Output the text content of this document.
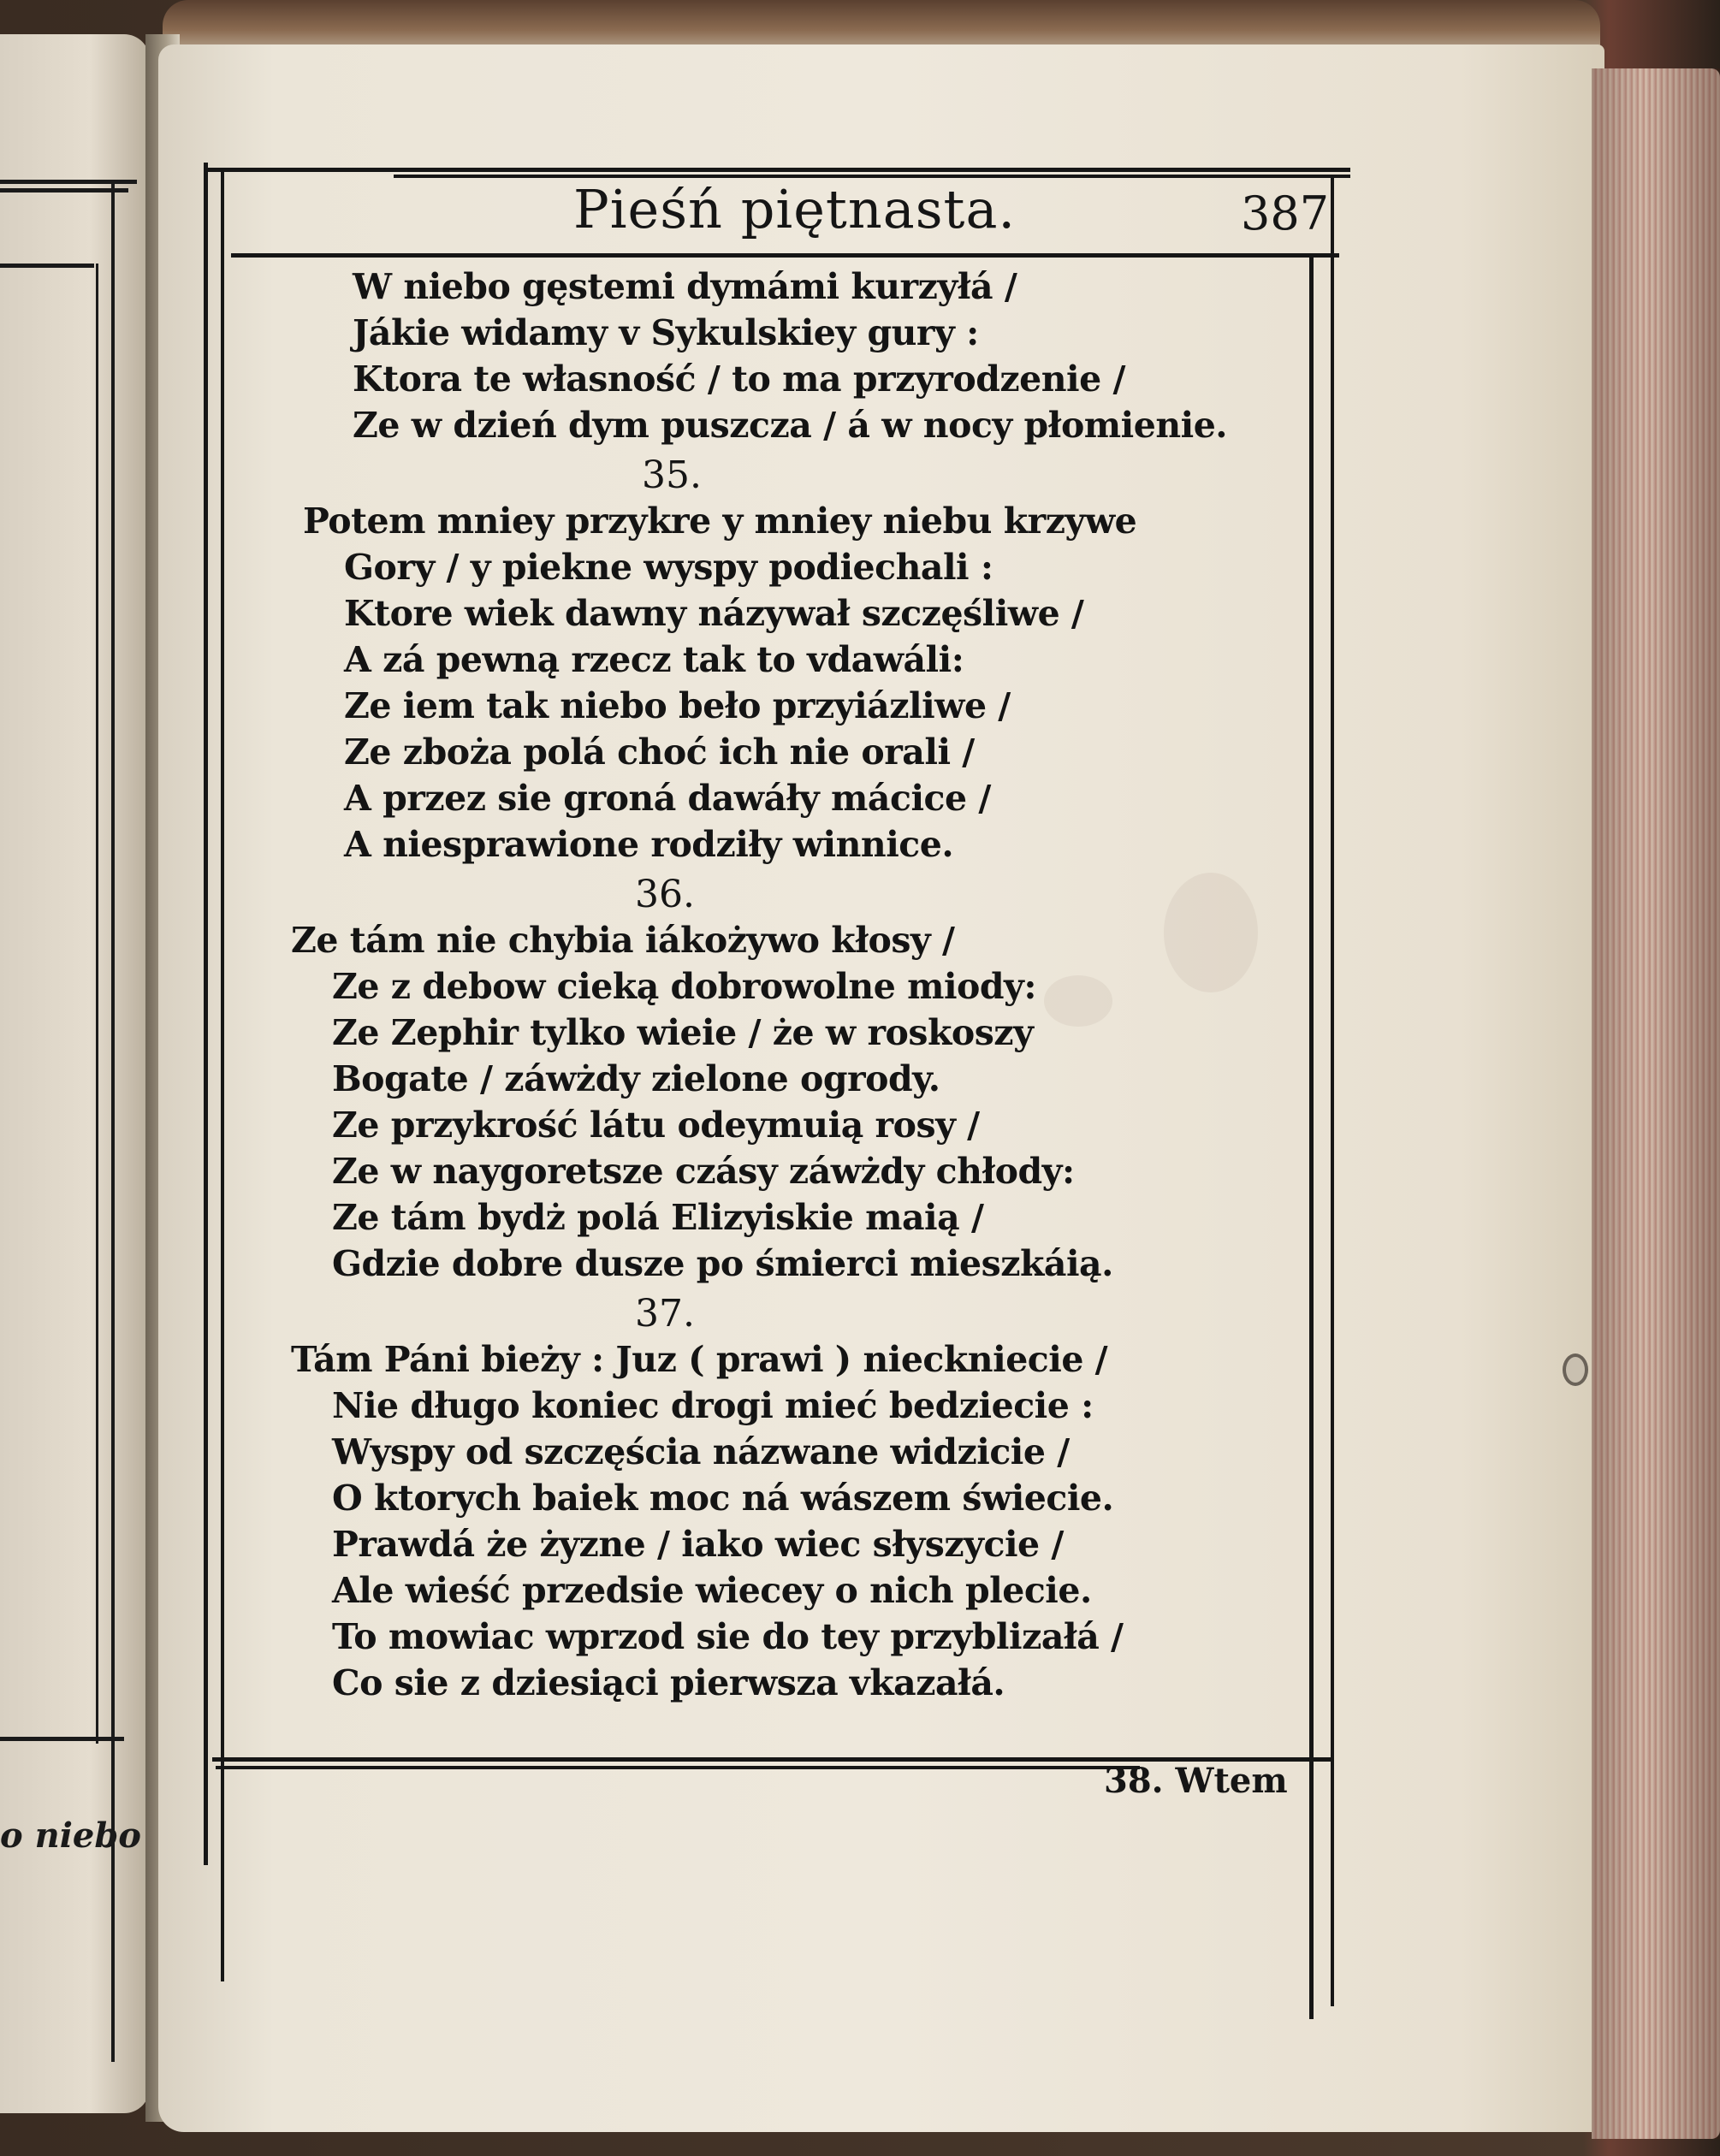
o niebo
Pieśń piętnasta.	387
W niebo gęstemi dymámi kurzyłá /
Jákie widamy v Sykulskiey gury :
Ktora te własność / to ma przyrodzenie /
Ze w dzień dym puszcza / á w nocy płomienie.
35.
Potem mniey przykre y mniey niebu krzywe
Gory / y piekne wyspy podiechali :
Ktore wiek dawny názywał szczęśliwe /
A zá pewną rzecz tak to vdawáli:
Ze iem tak niebo beło przyiázliwe /
Ze zboża polá choć ich nie orali /
A przez sie groná dawáły mácice /
A niesprawione rodziły winnice.
36.
Ze tám nie chybia iákożywo kłosy /
Ze z debow cieką dobrowolne miody:
Ze Zephir tylko wieie / że w roskoszy
Bogate / záwżdy zielone ogrody.
Ze przykrość látu odeymuią rosy /
Ze w naygoretsze czásy záwżdy chłody:
Ze tám bydż polá Elizyiskie maią /
Gdzie dobre dusze po śmierci mieszkáią.
37.
Tám Páni bieży : Juz ( prawi ) nieckniecie /
Nie długo koniec drogi mieć bedziecie :
Wyspy od szczęścia názwane widzicie /
O ktorych baiek moc ná wászem świecie.
Prawdá że żyzne / iako wiec słyszycie /
Ale wieść przedsie wiecey o nich plecie.
To mowiac wprzod sie do tey przyblizałá /
Co sie z dziesiąci pierwsza vkazałá.
38. Wtem
